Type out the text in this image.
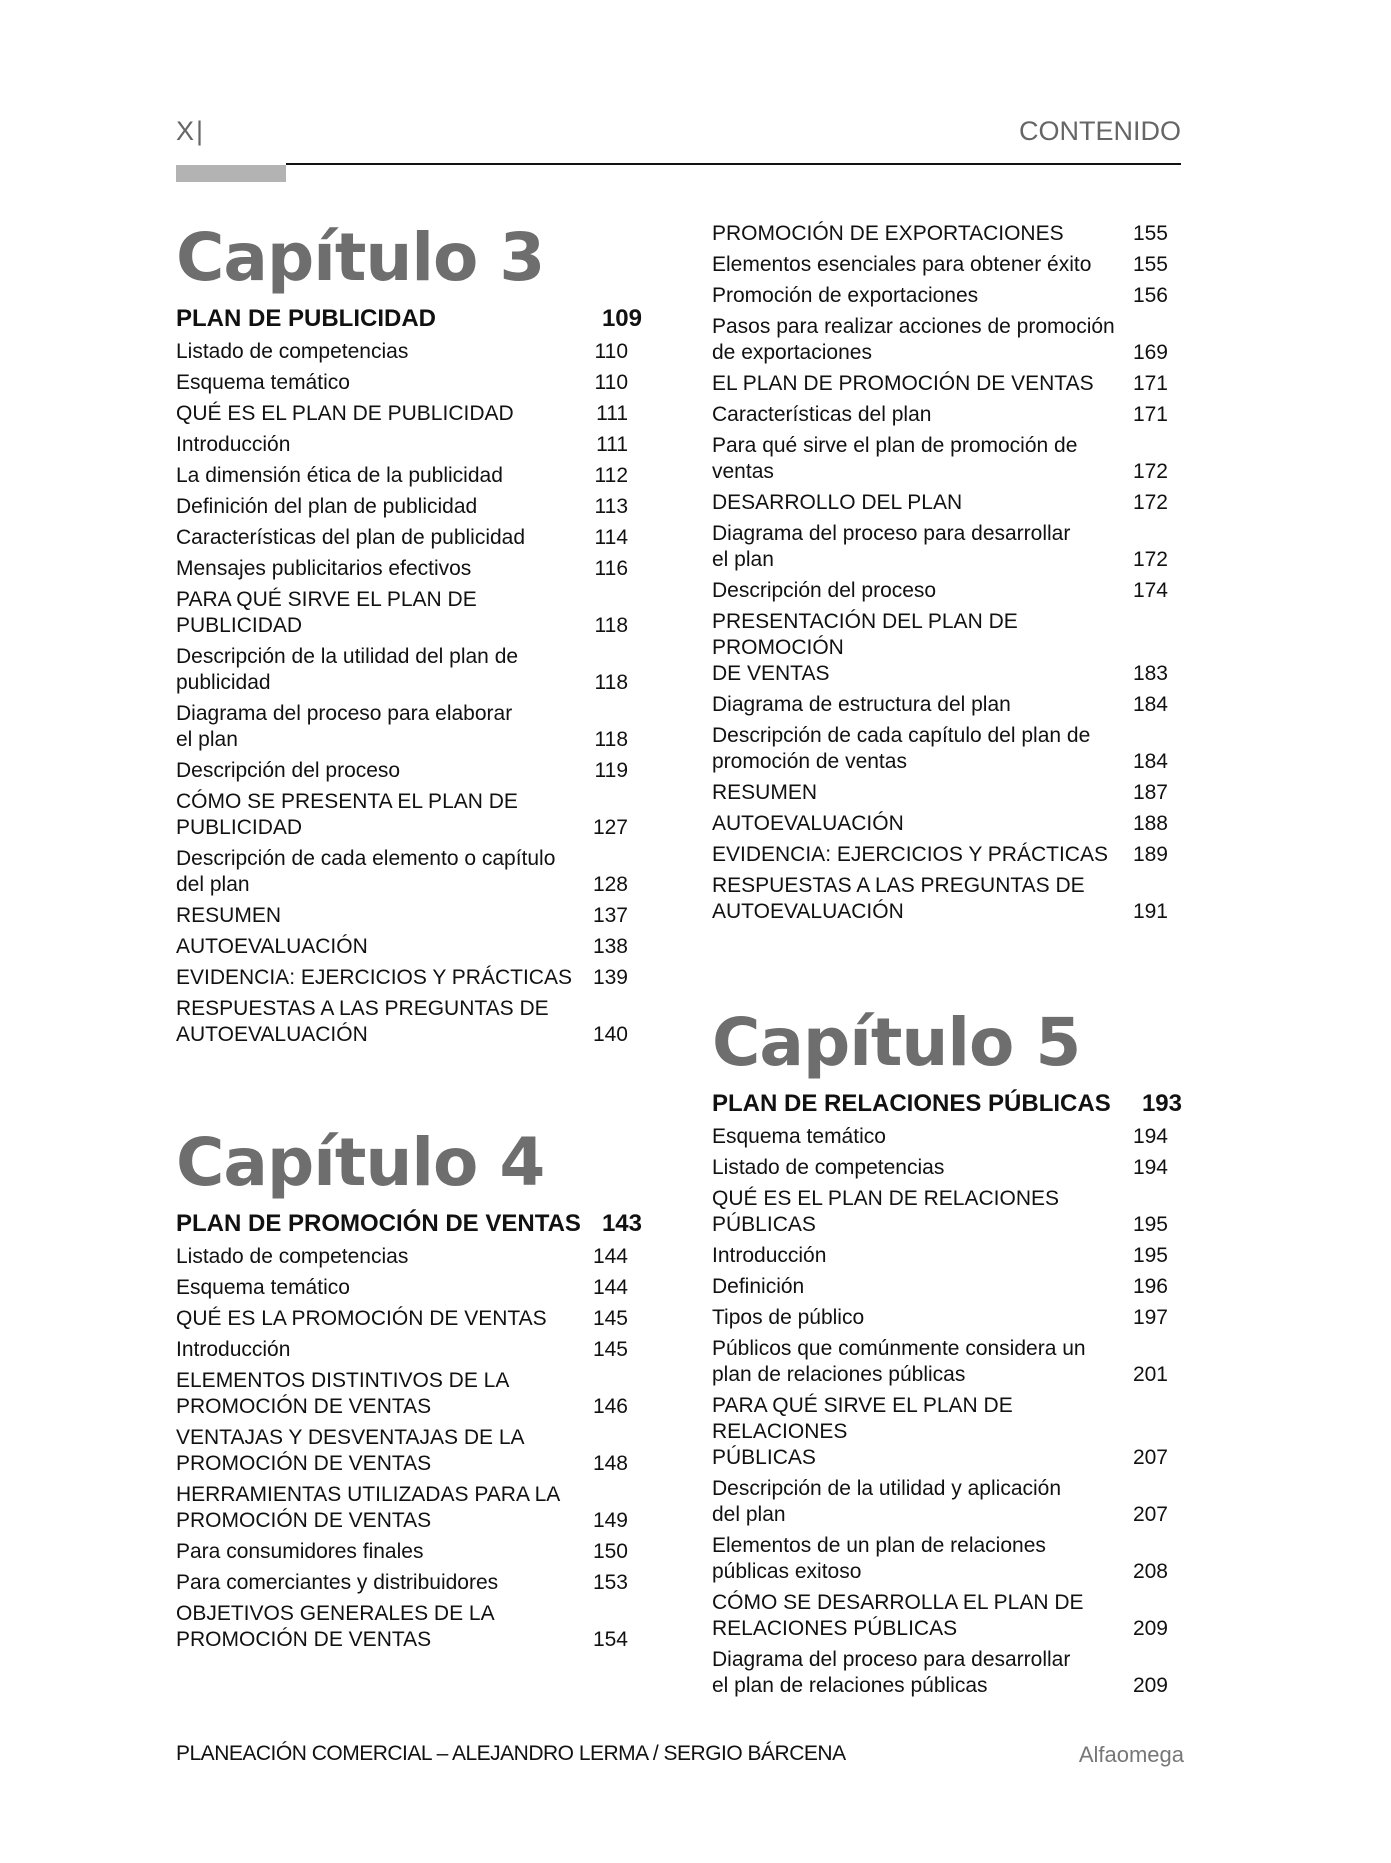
X|	CONTENIDO
Capítulo 3
PLAN DE PUBLICIDAD	109
Listado de competencias	110
Esquema temático	110
QUÉ ES EL PLAN DE PUBLICIDAD	111
Introducción	111
La dimensión ética de la publicidad	112
Definición del plan de publicidad	113
Características del plan de publicidad	114
Mensajes publicitarios efectivos	116
PARA QUÉ SIRVE EL PLAN DE PUBLICIDAD	118
Descripción de la utilidad del plan de
publicidad	118
Diagrama del proceso para elaborar
el plan	118
Descripción del proceso	119
CÓMO SE PRESENTA EL PLAN DE
PUBLICIDAD	127
Descripción de cada elemento o capítulo
del plan	128
RESUMEN	137
AUTOEVALUACIÓN	138
EVIDENCIA: EJERCICIOS Y PRÁCTICAS 139
RESPUESTAS A LAS PREGUNTAS DE
AUTOEVALUACIÓN	140
Capítulo 4
PLAN DE PROMOCIÓN DE VENTAS 143
Listado de competencias	144
Esquema temático	144
QUÉ ES LA PROMOCIÓN DE VENTAS 145
Introducción	145
ELEMENTOS DISTINTIVOS DE LA
PROMOCIÓN DE VENTAS	146
VENTAJAS Y DESVENTAJAS DE LA
PROMOCIÓN DE VENTAS	148
HERRAMIENTAS UTILIZADAS PARA LA
PROMOCIÓN DE VENTAS	149
Para consumidores finales	150
Para comerciantes y distribuidores	153
OBJETIVOS GENERALES DE LA
PROMOCIÓN DE VENTAS	154
PROMOCIÓN DE EXPORTACIONES	155
Elementos esenciales para obtener éxito 155
Promoción de exportaciones	156
Pasos para realizar acciones de promoción
de exportaciones	169
EL PLAN DE PROMOCIÓN DE VENTAS 171
Características del plan	171
Para qué sirve el plan de promoción de
ventas	172
DESARROLLO DEL PLAN	172
Diagrama del proceso para desarrollar
el plan	172
Descripción del proceso	174
PRESENTACIÓN DEL PLAN DE PROMOCIÓN
DE VENTAS	183
Diagrama de estructura del plan	184
Descripción de cada capítulo del plan de
promoción de ventas	184
RESUMEN	187
AUTOEVALUACIÓN	188
EVIDENCIA: EJERCICIOS Y PRÁCTICAS 189
RESPUESTAS A LAS PREGUNTAS DE
AUTOEVALUACIÓN	191
Capítulo 5
PLAN DE RELACIONES PÚBLICAS 193
Esquema temático	194
Listado de competencias	194
QUÉ ES EL PLAN DE RELACIONES PÚBLICAS	195
Introducción	195
Definición	196
Tipos de público	197
Públicos que comúnmente considera un
plan de relaciones públicas	201
PARA QUÉ SIRVE EL PLAN DE RELACIONES
PÚBLICAS	207
Descripción de la utilidad y aplicación
del plan	207
Elementos de un plan de relaciones
públicas exitoso	208
CÓMO SE DESARROLLA EL PLAN DE
RELACIONES PÚBLICAS	209
Diagrama del proceso para desarrollar
el plan de relaciones públicas	209
PLANEACIÓN COMERCIAL – ALEJANDRO LERMA / SERGIO BÁRCENA	Alfaomega
